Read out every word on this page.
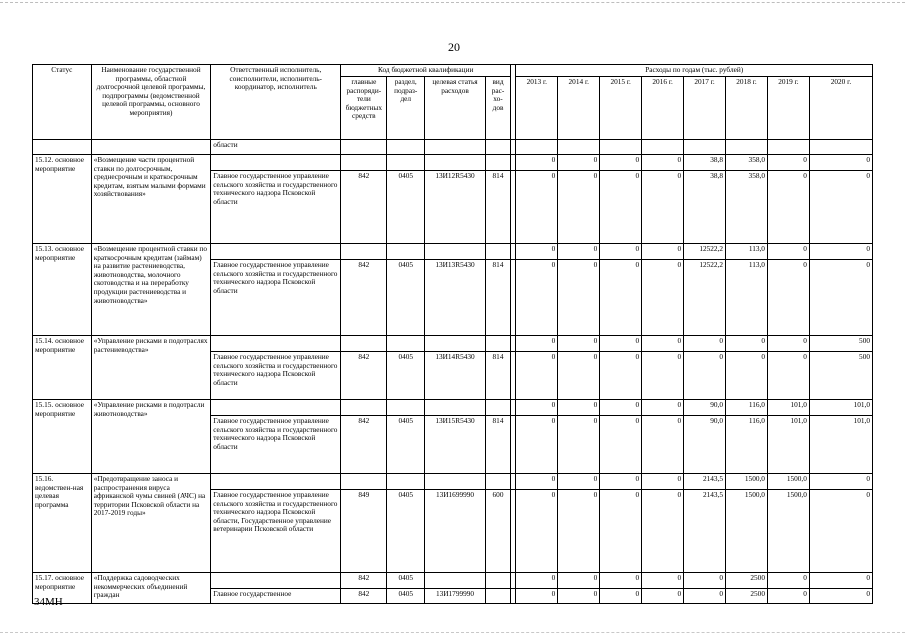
20
Статус	Наименование государственной программы, областной долгосрочной целевой программы, подпрограммы (ведомственной целевой программы, основного мероприятия)	Ответственный исполнитель, соисполнители, исполнитель-координатор, исполнитель	Код бюджетной квалификации					Расходы по годам (тыс. рублей)							
			главные распоряди-тели бюджетных средств	раздел, подраз-дел	целевая статья расходов	вид рас-хо-дов		2013 г.	2014 г.	2015 г.	2016 г.	2017 г.	2018 г.	2019 г.	2020 г.
		области													
15.12. основное мероприятие	«Возмещение части процентной ставки по долгосрочным, среднесрочным и краткосрочным кредитам, взятым малыми формами хозяйствования»							0	0	0	0	38,8	358,0	0	0
		Главное государственное управление сельского хозяйства и государственного технического надзора Псковской области	842	0405	13И12R5430	814		0	0	0	0	38,8	358,0	0	0
15.13. основное мероприятие	«Возмещение процентной ставки по краткосрочным кредитам (займам) на развитие растениеводства, животноводства, молочного скотоводства и на переработку продукции растениеводства и животноводства»							0	0	0	0	12522,2	113,0	0	0
		Главное государственное управление сельского хозяйства и государственного технического надзора Псковской области	842	0405	13И13R5430	814		0	0	0	0	12522,2	113,0	0	0
15.14. основное мероприятие	«Управление рисками в подотраслях растениеводства»							0	0	0	0	0	0	0	500
		Главное государственное управление сельского хозяйства и государственного технического надзора Псковской области	842	0405	13И14R5430	814		0	0	0	0	0	0	0	500
15.15. основное мероприятие	«Управление рисками в подотрасли животноводства»							0	0	0	0	90,0	116,0	101,0	101,0
		Главное государственное управление сельского хозяйства и государственного технического надзора Псковской области	842	0405	13И15R5430	814		0	0	0	0	90,0	116,0	101,0	101,0
15.16. ведомствен-ная целевая программа	«Предотвращение заноса и распространения вируса африканской чумы свиней (АЧС) на территории Псковской области на 2017-2019 годы»							0	0	0	0	2143,5	1500,0	1500,0	0
		Главное государственное управление сельского хозяйства и государственного технического надзора Псковской области, Государственное управление ветеринарии Псковской области	849	0405	13И1699990	600		0	0	0	0	2143,5	1500,0	1500,0	0
15.17. основное мероприятие	«Поддержка садоводческих некоммерческих объединений граждан		842	0405				0	0	0	0	0	2500	0	0
		Главное государственное	842	0405	13И1799990			0	0	0	0	0	2500	0	0
34МН
